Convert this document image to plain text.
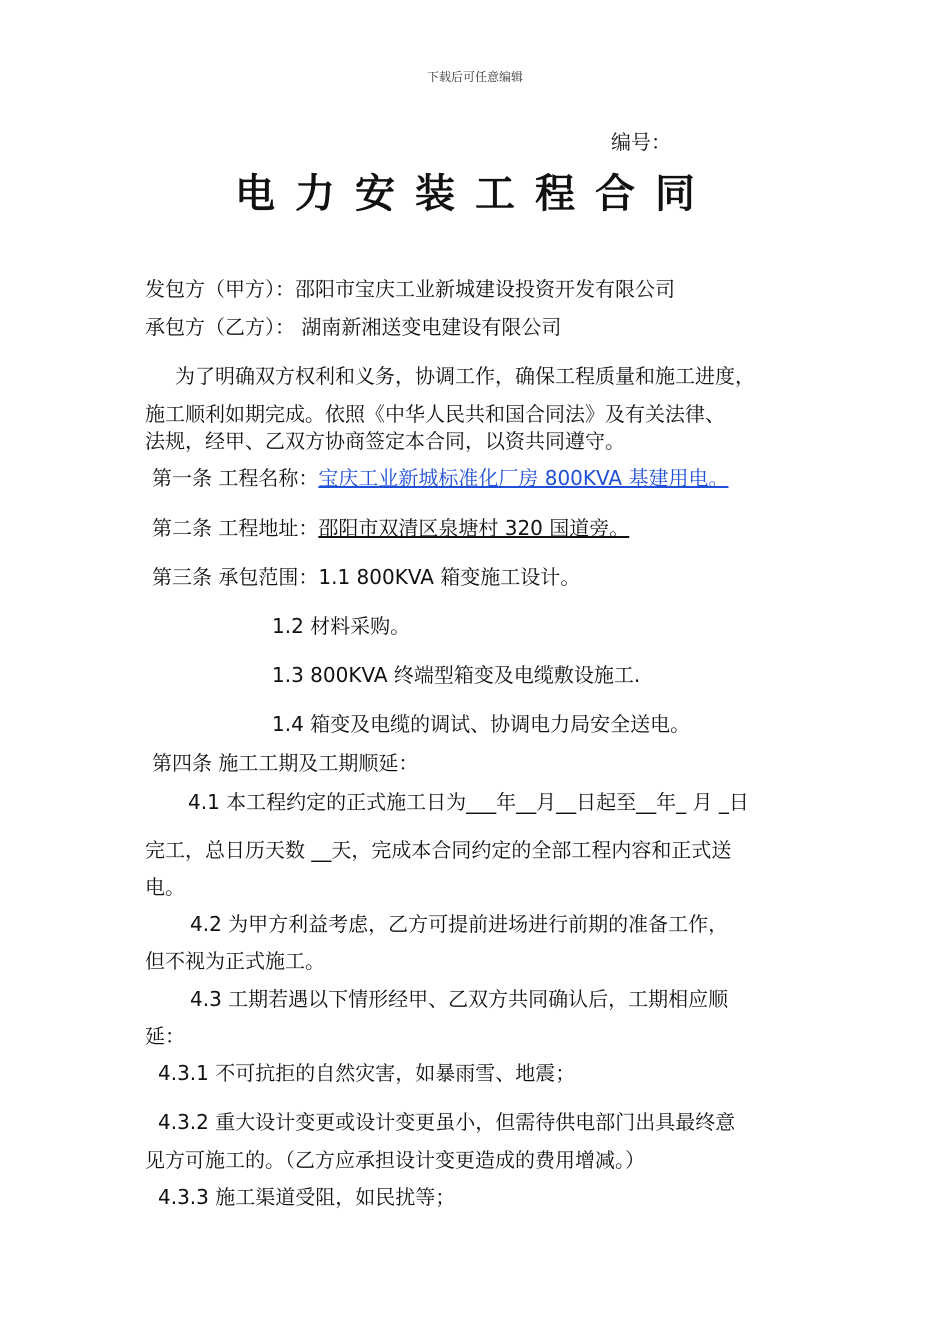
下载后可任意编辑
编号：
电力安装工程合同
发包方（甲方）：邵阳市宝庆工业新城建设投资开发有限公司
承包方（乙方）： 湖南新湘送变电建设有限公司
为了明确双方权利和义务，协调工作，确保工程质量和施工进度，
施工顺利如期完成。依照《中华人民共和国合同法》及有关法律、
法规，经甲、乙双方协商签定本合同，以资共同遵守。
第一条 工程名称：宝庆工业新城标准化厂房 800KVA 基建用电。
第二条 工程地址：邵阳市双清区泉塘村 320 国道旁。
第三条 承包范围：1.1 800KVA 箱变施工设计。
1.2 材料采购。
1.3 800KVA 终端型箱变及电缆敷设施工.
1.4 箱变及电缆的调试、协调电力局安全送电。
第四条 施工工期及工期顺延：
4.1 本工程约定的正式施工日为___年__月__日起至__年_ 月 _日
完工，总日历天数 __天，完成本合同约定的全部工程内容和正式送
电。
4.2 为甲方利益考虑，乙方可提前进场进行前期的准备工作，
但不视为正式施工。
4.3 工期若遇以下情形经甲、乙双方共同确认后，工期相应顺
延：
4.3.1 不可抗拒的自然灾害，如暴雨雪、地震；
4.3.2 重大设计变更或设计变更虽小，但需待供电部门出具最终意
见方可施工的。（乙方应承担设计变更造成的费用增减。）
4.3.3 施工渠道受阻，如民扰等；
